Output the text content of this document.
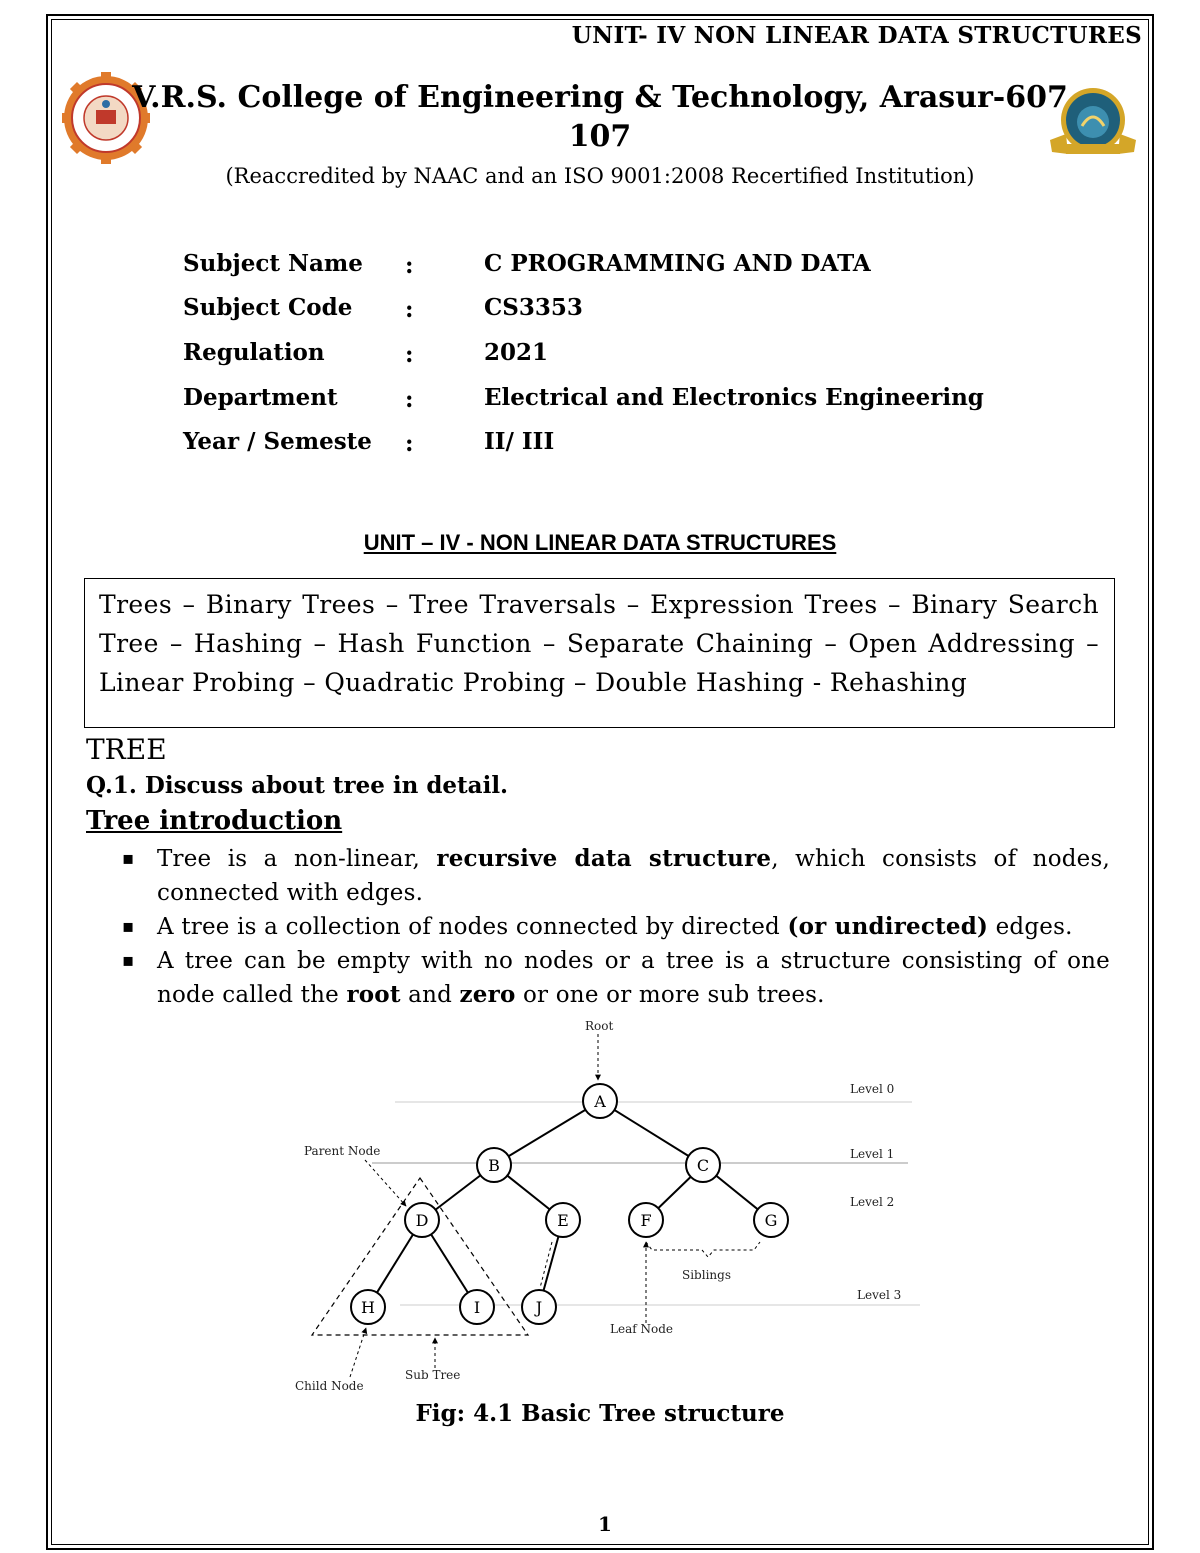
UNIT- IV NON LINEAR DATA STRUCTURES
V.R.S. College of Engineering & Technology, Arasur-607
107
(Reaccredited by NAAC and an ISO 9001:2008 Recertified Institution)
Subject Name :	C PROGRAMMING AND DATA
Subject Code :	CS3353
Regulation	:	2021
Department	:	Electrical and Electronics Engineering
Year / Semeste :	II/ III
UNIT – IV - NON LINEAR DATA STRUCTURES
Trees – Binary Trees – Tree Traversals – Expression Trees – Binary Search Tree – Hashing – Hash Function – Separate Chaining – Open Addressing – Linear Probing – Quadratic Probing – Double Hashing - Rehashing
TREE
Q.1. Discuss about tree in detail.
Tree introduction
▪ Tree is a non-linear, recursive data structure, which consists of nodes, connected with edges.
▪ A tree is a collection of nodes connected by directed (or undirected) edges.
▪ A tree can be empty with no nodes or a tree is a structure consisting of one node called the root and zero or one or more sub trees.
A
B	C
D	E	F	G
H	I	J
Root
Level 0
Level 1
Level 2
Level 3
Parent Node
Siblings
Leaf Node
Child Node
Sub Tree
Fig: 4.1 Basic Tree structure
1
